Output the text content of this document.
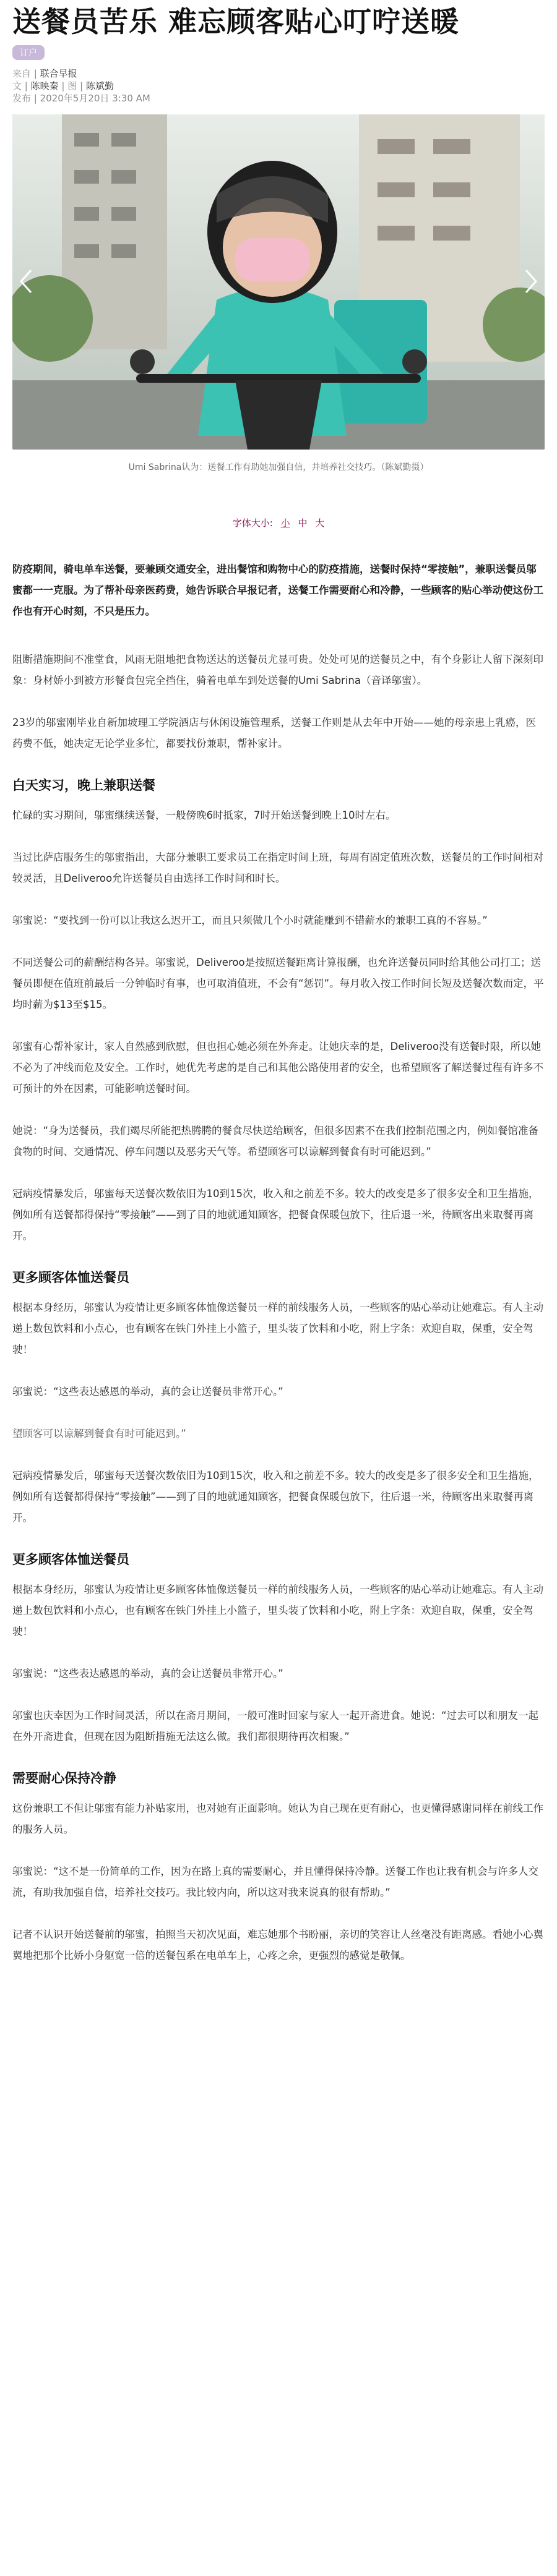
送餐员苦乐 难忘顾客贴心叮咛送暖
订户
来自 | 联合早报
文 | 陈映秦 | 图 | 陈斌勤
发布 | 2020年5月20日 3:30 AM
Umi Sabrina认为：送餐工作有助她加强自信，并培养社交技巧。（陈斌勤摄）
字体大小: 小 中 大

防疫期间，骑电单车送餐，要兼顾交通安全，进出餐馆和购物中心的防疫措施，送餐时保持“零接触”，兼职送餐员邬蜜都一一克服。为了帮补母亲医药费，她告诉联合早报记者，送餐工作需要耐心和冷静，一些顾客的贴心举动使这份工作也有开心时刻，不只是压力。

阻断措施期间不准堂食，风雨无阻地把食物送达的送餐员尤显可贵。处处可见的送餐员之中，有个身影让人留下深刻印象：身材娇小到被方形餐食包完全挡住，骑着电单车到处送餐的Umi Sabrina（音译邬蜜）。

23岁的邬蜜刚毕业自新加坡理工学院酒店与休闲设施管理系，送餐工作则是从去年中开始——她的母亲患上乳癌，医药费不低，她决定无论学业多忙，都要找份兼职，帮补家计。

白天实习，晚上兼职送餐

忙碌的实习期间，邬蜜继续送餐，一般傍晚6时抵家，7时开始送餐到晚上10时左右。

当过比萨店服务生的邬蜜指出，大部分兼职工要求员工在指定时间上班，每周有固定值班次数，送餐员的工作时间相对较灵活，且Deliveroo允许送餐员自由选择工作时间和时长。

邬蜜说：“要找到一份可以让我这么迟开工，而且只须做几个小时就能赚到不错薪水的兼职工真的不容易。”

不同送餐公司的薪酬结构各异。邬蜜说，Deliveroo是按照送餐距离计算报酬，也允许送餐员同时给其他公司打工；送餐员即便在值班前最后一分钟临时有事，也可取消值班，不会有“惩罚”。每月收入按工作时间长短及送餐次数而定，平均时薪为$13至$15。

邬蜜有心帮补家计，家人自然感到欣慰，但也担心她必须在外奔走。让她庆幸的是，Deliveroo没有送餐时限，所以她不必为了冲线而危及安全。工作时，她优先考虑的是自己和其他公路使用者的安全，也希望顾客了解送餐过程有许多不可预计的外在因素，可能影响送餐时间。

她说：“身为送餐员，我们竭尽所能把热腾腾的餐食尽快送给顾客，但很多因素不在我们控制范围之内，例如餐馆准备食物的时间、交通情况、停车问题以及恶劣天气等。希望顾客可以谅解到餐食有时可能迟到。”

冠病疫情暴发后，邬蜜每天送餐次数依旧为10到15次，收入和之前差不多。较大的改变是多了很多安全和卫生措施，例如所有送餐都得保持“零接触”——到了目的地就通知顾客，把餐食保暖包放下，往后退一米，待顾客出来取餐再离开。

更多顾客体恤送餐员

根据本身经历，邬蜜认为疫情让更多顾客体恤像送餐员一样的前线服务人员，一些顾客的贴心举动让她难忘。有人主动递上数包饮料和小点心，也有顾客在铁门外挂上小篮子，里头装了饮料和小吃，附上字条：欢迎自取，保重，安全驾驶！

邬蜜说：“这些表达感恩的举动，真的会让送餐员非常开心。”

望顾客可以谅解到餐食有时可能迟到。”

冠病疫情暴发后，邬蜜每天送餐次数依旧为10到15次，收入和之前差不多。较大的改变是多了很多安全和卫生措施，例如所有送餐都得保持“零接触”——到了目的地就通知顾客，把餐食保暖包放下，往后退一米，待顾客出来取餐再离开。

更多顾客体恤送餐员

根据本身经历，邬蜜认为疫情让更多顾客体恤像送餐员一样的前线服务人员，一些顾客的贴心举动让她难忘。有人主动递上数包饮料和小点心，也有顾客在铁门外挂上小篮子，里头装了饮料和小吃，附上字条：欢迎自取，保重，安全驾驶！

邬蜜说：“这些表达感恩的举动，真的会让送餐员非常开心。”

邬蜜也庆幸因为工作时间灵活，所以在斋月期间，一般可准时回家与家人一起开斋进食。她说：“过去可以和朋友一起在外开斋进食，但现在因为阻断措施无法这么做。我们都很期待再次相聚。”

需要耐心保持冷静

这份兼职工不但让邬蜜有能力补贴家用，也对她有正面影响。她认为自己现在更有耐心，也更懂得感谢同样在前线工作的服务人员。

邬蜜说：“这不是一份简单的工作，因为在路上真的需要耐心，并且懂得保持冷静。送餐工作也让我有机会与许多人交流，有助我加强自信，培养社交技巧。我比较内向，所以这对我来说真的很有帮助。”

记者不认识开始送餐前的邬蜜，拍照当天初次见面，难忘她那个书盼丽，亲切的笑容让人丝毫没有距离感。看她小心翼翼地把那个比娇小身躯宽一倍的送餐包系在电单车上，心疼之余，更强烈的感觉是敬佩。
